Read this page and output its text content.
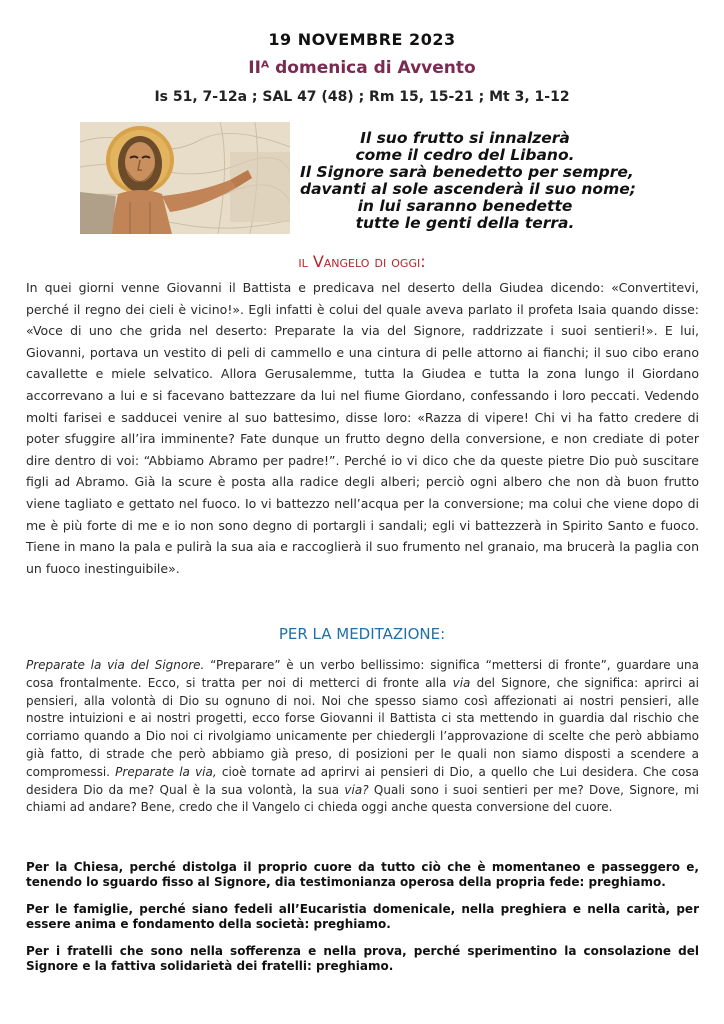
19 NOVEMBRE 2023
IIᴬ domenica di Avvento
Is 51, 7-12a ; SAL 47 (48) ; Rm 15, 15-21 ; Mt 3, 1-12
Il suo frutto si innalzerà
come il cedro del Libano.
Il Signore sarà benedetto per sempre,
davanti al sole ascenderà il suo nome;
in lui saranno benedette
tutte le genti della terra.
il Vangelo di oggi:

In quei giorni venne Giovanni il Battista e predicava nel deserto della Giudea dicendo: «Convertitevi, perché il regno dei cieli è vicino!». Egli infatti è colui del quale aveva parlato il profeta Isaia quando disse: «Voce di uno che grida nel deserto: Preparate la via del Signore, raddrizzate i suoi sentieri!». E lui, Giovanni, portava un vestito di peli di cammello e una cintura di pelle attorno ai fianchi; il suo cibo erano cavallette e miele selvatico. Allora Gerusalemme, tutta la Giudea e tutta la zona lungo il Giordano accorrevano a lui e si facevano battezzare da lui nel fiume Giordano, confessando i loro peccati. Vedendo molti farisei e sadducei venire al suo battesimo, disse loro: «Razza di vipere! Chi vi ha fatto credere di poter sfuggire all’ira imminente? Fate dunque un frutto degno della conversione, e non crediate di poter dire dentro di voi: “Abbiamo Abramo per padre!”. Perché io vi dico che da queste pietre Dio può suscitare figli ad Abramo. Già la scure è posta alla radice degli alberi; perciò ogni albero che non dà buon frutto viene tagliato e gettato nel fuoco. Io vi battezzo nell’acqua per la conversione; ma colui che viene dopo di me è più forte di me e io non sono degno di portargli i sandali; egli vi battezzerà in Spirito Santo e fuoco. Tiene in mano la pala e pulirà la sua aia e raccoglierà il suo frumento nel granaio, ma brucerà la paglia con un fuoco inestinguibile».

PER LA MEDITAZIONE:

Preparate la via del Signore. “Preparare” è un verbo bellissimo: significa “mettersi di fronte”, guardare una cosa frontalmente. Ecco, si tratta per noi di metterci di fronte alla via del Signore, che significa: aprirci ai pensieri, alla volontà di Dio su ognuno di noi. Noi che spesso siamo così affezionati ai nostri pensieri, alle nostre intuizioni e ai nostri progetti, ecco forse Giovanni il Battista ci sta mettendo in guardia dal rischio che corriamo quando a Dio noi ci rivolgiamo unicamente per chiedergli l’approvazione di scelte che però abbiamo già fatto, di strade che però abbiamo già preso, di posizioni per le quali non siamo disposti a scendere a compromessi. Preparate la via, cioè tornate ad aprirvi ai pensieri di Dio, a quello che Lui desidera. Che cosa desidera Dio da me? Qual è la sua volontà, la sua via? Quali sono i suoi sentieri per me? Dove, Signore, mi chiami ad andare? Bene, credo che il Vangelo ci chieda oggi anche questa conversione del cuore.

Per la Chiesa, perché distolga il proprio cuore da tutto ciò che è momentaneo e passeggero e, tenendo lo sguardo fisso al Signore, dia testimonianza operosa della propria fede: preghiamo.

Per le famiglie, perché siano fedeli all’Eucaristia domenicale, nella preghiera e nella carità, per essere anima e fondamento della società: preghiamo.

Per i fratelli che sono nella sofferenza e nella prova, perché sperimentino la consolazione del Signore e la fattiva solidarietà dei fratelli: preghiamo.
